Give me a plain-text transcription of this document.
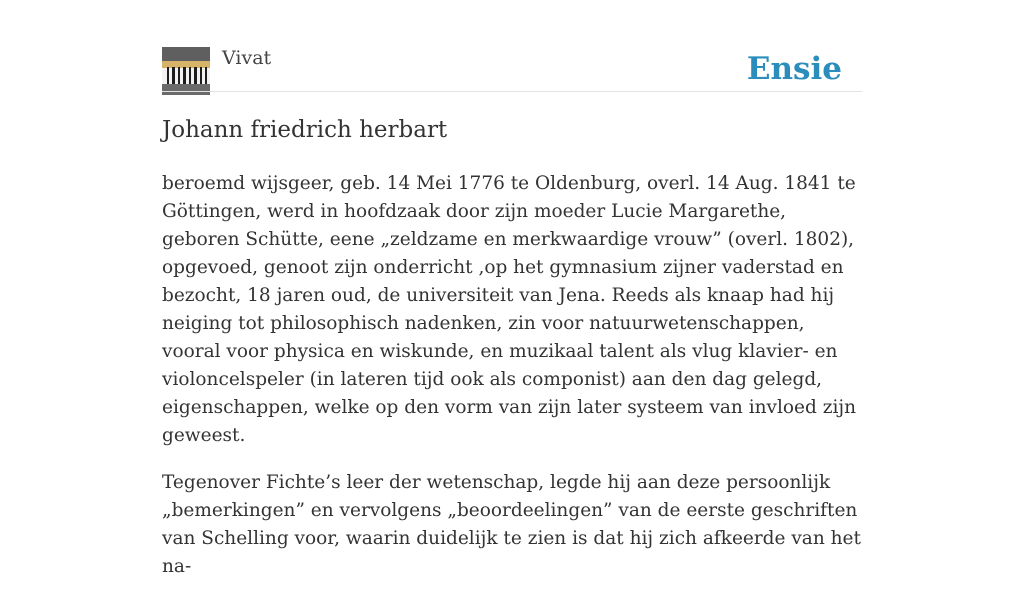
Vivat	Ensie
Johann friedrich herbart

beroemd wijsgeer, geb. 14 Mei 1776 te Oldenburg, overl. 14 Aug. 1841 te Göttingen, werd in hoofdzaak door zijn moeder Lucie Margarethe, geboren Schütte, eene „zeldzame en merkwaardige vrouw” (overl. 1802), opgevoed, genoot zijn onderricht ,op het gymnasium zijner vaderstad en bezocht, 18 jaren oud, de universiteit van Jena. Reeds als knaap had hij neiging tot philosophisch nadenken, zin voor natuurwetenschappen, vooral voor physica en wiskunde, en muzikaal talent als vlug klavier- en violoncelspeler (in lateren tijd ook als componist) aan den dag gelegd, eigenschappen, welke op den vorm van zijn later systeem van invloed zijn geweest.

Tegenover Fichte’s leer der wetenschap, legde hij aan deze persoonlijk „bemerkingen” en vervolgens „beoordeelingen” van de eerste geschriften van Schelling voor, waarin duidelijk te zien is dat hij zich afkeerde van het na-
